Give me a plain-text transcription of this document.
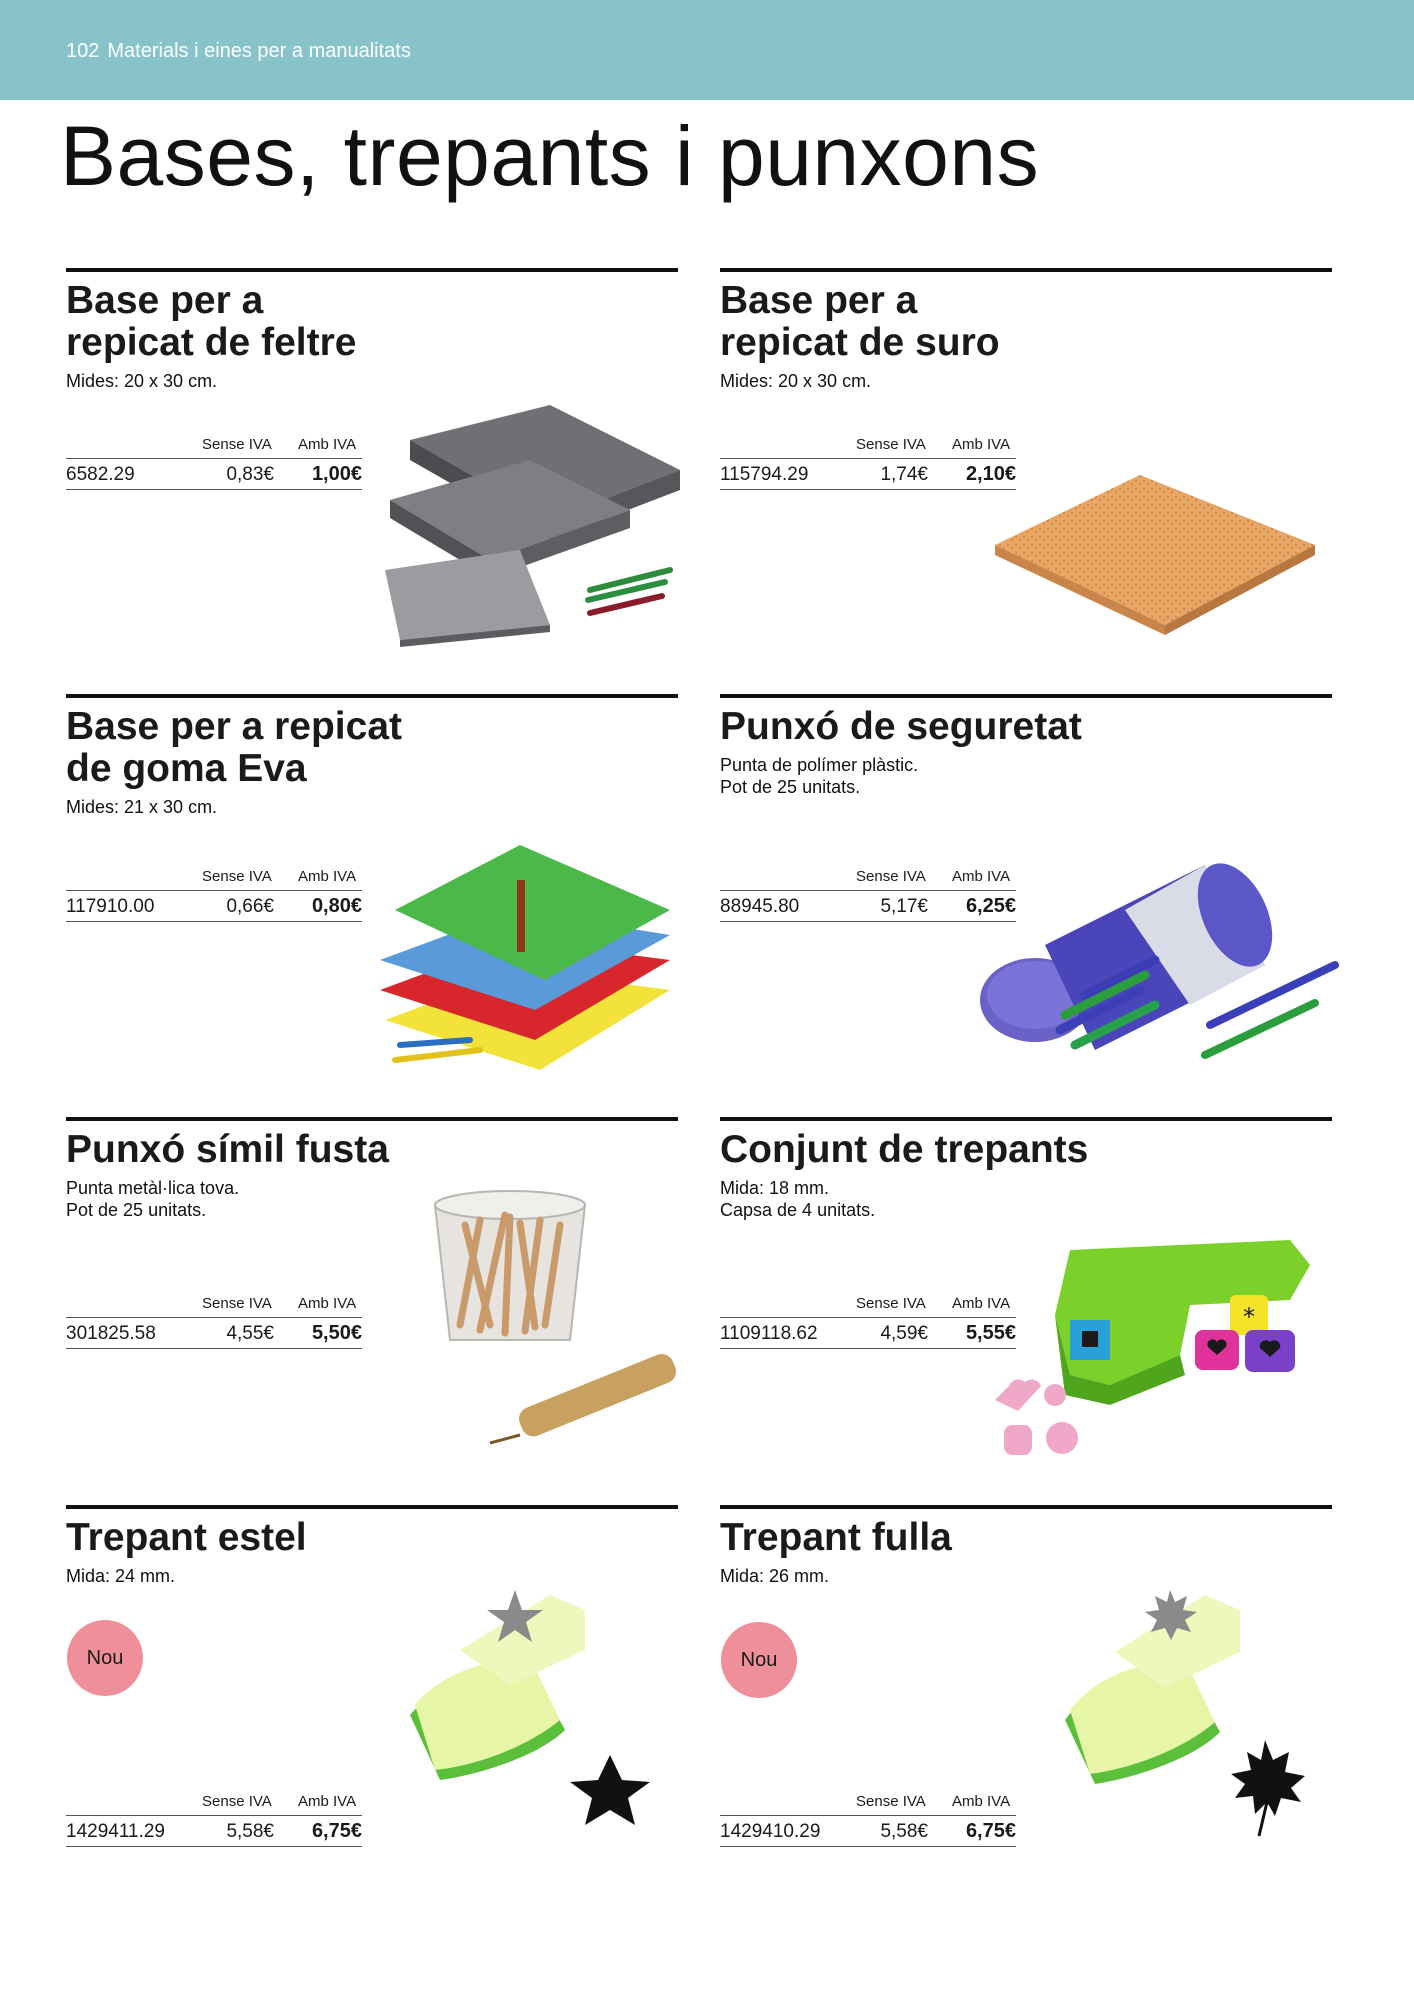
102 Materials i eines per a manualitats
Bases, trepants i punxons
Base per a
repicat de feltre
Mides: 20 x 30 cm.
Sense IVA Amb IVA
6582.29	0,83€ 1,00€
Base per a
repicat de suro
Mides: 20 x 30 cm.
Sense IVA Amb IVA
115794.29	1,74€ 2,10€
Base per a repicat
de goma Eva
Mides: 21 x 30 cm.
Sense IVA Amb IVA
117910.00	0,66€ 0,80€
Punxó de seguretat
Punta de polímer plàstic.
Pot de 25 unitats.
Sense IVA Amb IVA
88945.80	5,17€ 6,25€
Punxó símil fusta
Punta metàl·lica tova.
Pot de 25 unitats.
Sense IVA Amb IVA
301825.58	4,55€ 5,50€
Conjunt de trepants
Mida: 18 mm.
Capsa de 4 unitats.
Sense IVA Amb IVA
1109118.62	4,59€ 5,55€
*
Trepant estel
Mida: 24 mm.
Sense IVA Amb IVA
1429411.29	5,58€ 6,75€
Nou
Trepant fulla
Mida: 26 mm.
Sense IVA Amb IVA
1429410.29	5,58€ 6,75€
Nou
